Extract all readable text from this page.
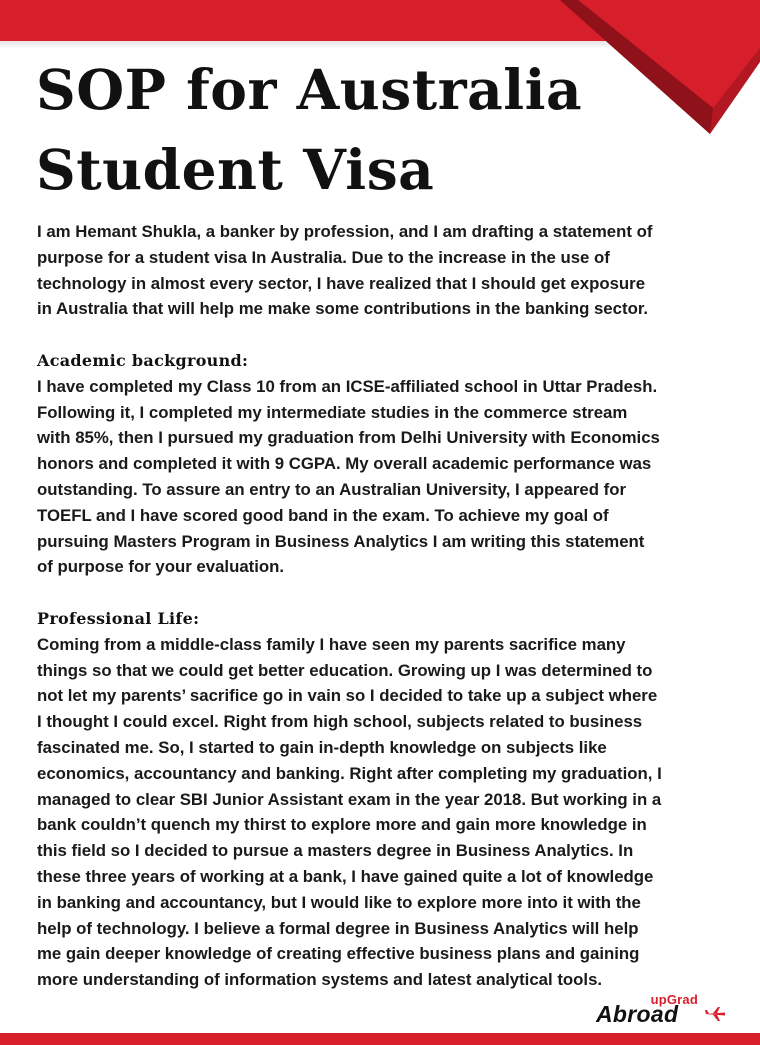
SOP for Australia
Student Visa

I am Hemant Shukla, a banker by profession, and I am drafting a statement of

purpose for a student visa In Australia. Due to the increase in the use of

technology in almost every sector, I have realized that I should get exposure

in Australia that will help me make some contributions in the banking sector.

Academic background:

I have completed my Class 10 from an ICSE-affiliated school in Uttar Pradesh.

Following it, I completed my intermediate studies in the commerce stream

with 85%, then I pursued my graduation from Delhi University with Economics

honors and completed it with 9 CGPA. My overall academic performance was

outstanding. To assure an entry to an Australian University, I appeared for

TOEFL and I have scored good band in the exam. To achieve my goal of

pursuing Masters Program in Business Analytics I am writing this statement

of purpose for your evaluation.

Professional Life:

Coming from a middle-class family I have seen my parents sacrifice many

things so that we could get better education. Growing up I was determined to

not let my parents’ sacrifice go in vain so I decided to take up a subject where

I thought I could excel. Right from high school, subjects related to business

fascinated me. So, I started to gain in-depth knowledge on subjects like

economics, accountancy and banking. Right after completing my graduation, I

managed to clear SBI Junior Assistant exam in the year 2018. But working in a

bank couldn’t quench my thirst to explore more and gain more knowledge in

this field so I decided to pursue a masters degree in Business Analytics. In

these three years of working at a bank, I have gained quite a lot of knowledge

in banking and accountancy, but I would like to explore more into it with the

help of technology. I believe a formal degree in Business Analytics will help

me gain deeper knowledge of creating effective business plans and gaining

more understanding of information systems and latest analytical tools.

upGrad
Abroad
